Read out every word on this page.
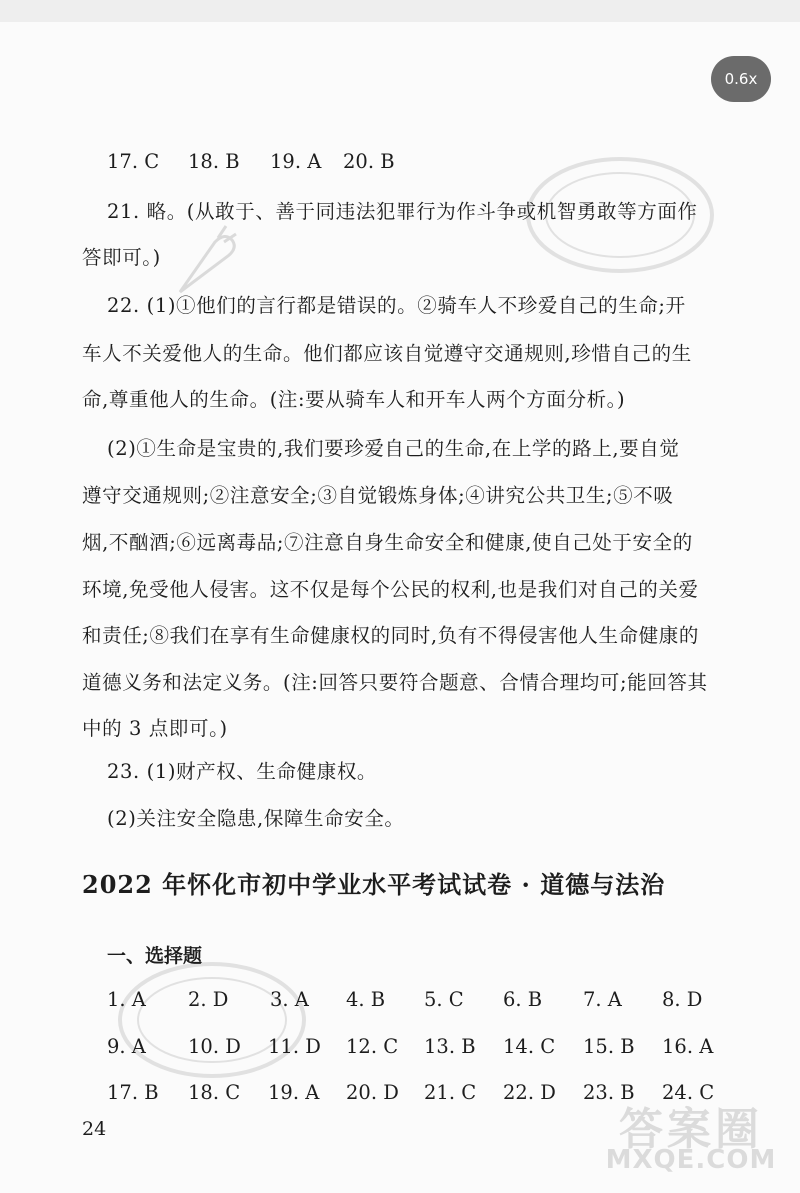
0.6x
17. C 18. B 19. A 20. B
21. 略。(从敢于、善于同违法犯罪行为作斗争或机智勇敢等方面作
答即可。)
22. (1)①他们的言行都是错误的。②骑车人不珍爱自己的生命;开
车人不关爱他人的生命。他们都应该自觉遵守交通规则,珍惜自己的生
命,尊重他人的生命。(注:要从骑车人和开车人两个方面分析。)
(2)①生命是宝贵的,我们要珍爱自己的生命,在上学的路上,要自觉
遵守交通规则;②注意安全;③自觉锻炼身体;④讲究公共卫生;⑤不吸
烟,不酗酒;⑥远离毒品;⑦注意自身生命安全和健康,使自己处于安全的
环境,免受他人侵害。这不仅是每个公民的权利,也是我们对自己的关爱
和责任;⑧我们在享有生命健康权的同时,负有不得侵害他人生命健康的
道德义务和法定义务。(注:回答只要符合题意、合情合理均可;能回答其
中的 3 点即可。)
23. (1)财产权、生命健康权。
(2)关注安全隐患,保障生命安全。
2022 年怀化市初中学业水平考试试卷 · 道德与法治
一、选择题
1. A 2. D 3. A 4. B 5. C 6. B 7. A 8. D
9. A 10. D 11. D 12. C 13. B 14. C 15. B 16. A
17. B 18. C 19. A 20. D 21. C 22. D 23. B 24. C
24	答案圈
MXQE.COM
